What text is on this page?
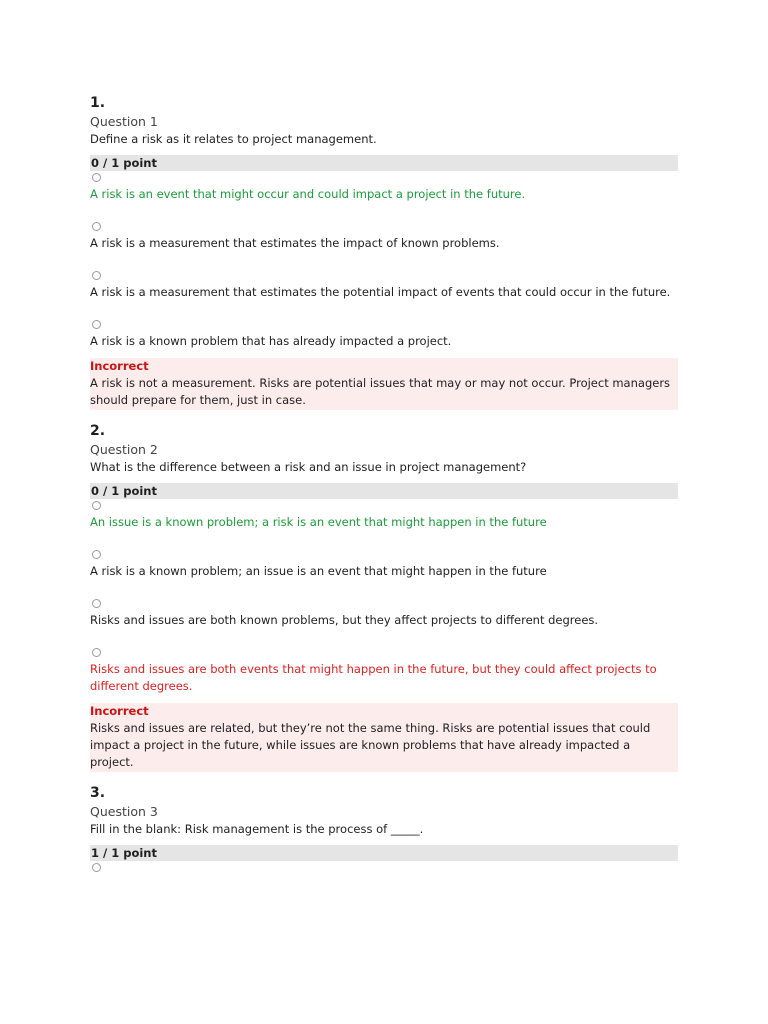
1.
Question 1
Define a risk as it relates to project management.
0 / 1 point
A risk is an event that might occur and could impact a project in the future.
A risk is a measurement that estimates the impact of known problems.
A risk is a measurement that estimates the potential impact of events that could occur in the future.
A risk is a known problem that has already impacted a project.
Incorrect
A risk is not a measurement. Risks are potential issues that may or may not occur. Project managers should prepare for them, just in case.
2.
Question 2
What is the difference between a risk and an issue in project management?
0 / 1 point
An issue is a known problem; a risk is an event that might happen in the future
A risk is a known problem; an issue is an event that might happen in the future
Risks and issues are both known problems, but they affect projects to different degrees.
Risks and issues are both events that might happen in the future, but they could affect projects to different degrees.
Incorrect
Risks and issues are related, but they’re not the same thing. Risks are potential issues that could impact a project in the future, while issues are known problems that have already impacted a project.
3.
Question 3
Fill in the blank: Risk management is the process of _____.
1 / 1 point
